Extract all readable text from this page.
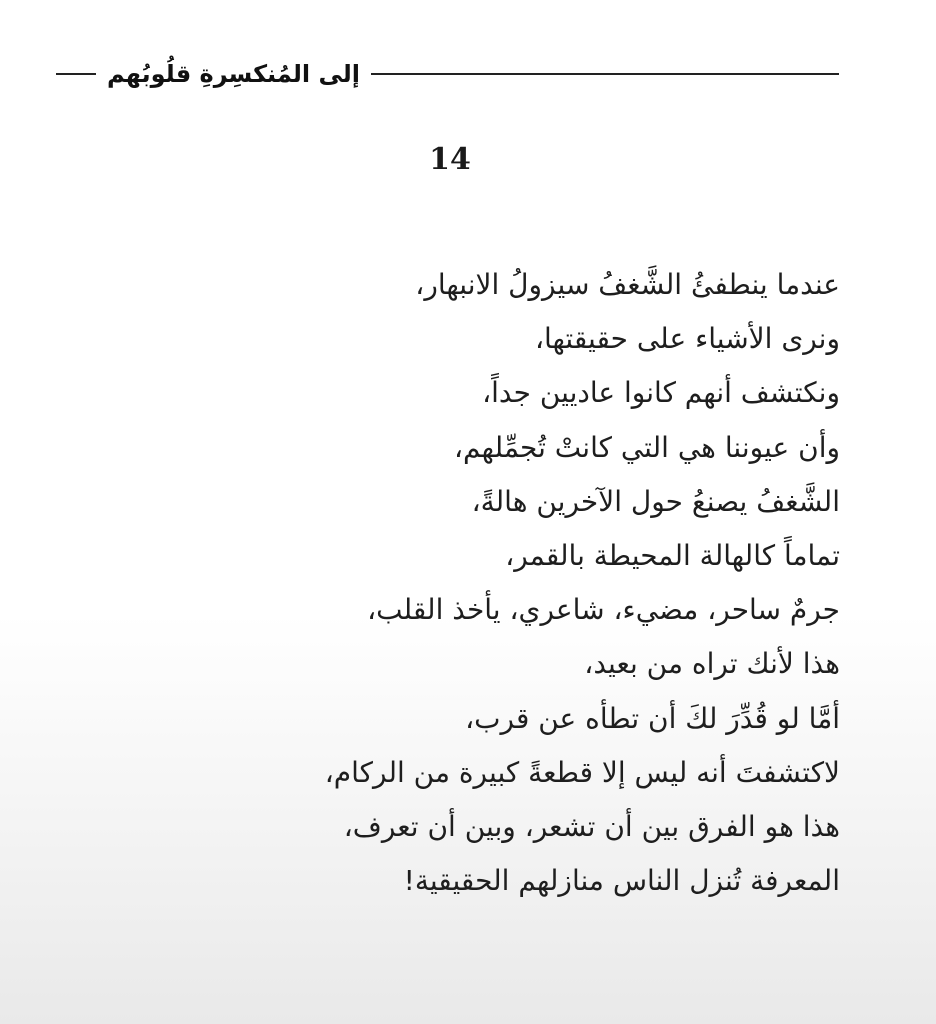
إلى المُنكسِرةِ قلُوبُهم
14
عندما ينطفئُ الشَّغفُ سيزولُ الانبهار،
ونرى الأشياء على حقيقتها،
ونكتشف أنهم كانوا عاديين جداً،
وأن عيوننا هي التي كانتْ تُجمِّلهم،
الشَّغفُ يصنعُ حول الآخرين هالةً،
تماماً كالهالة المحيطة بالقمر،
جرمٌ ساحر، مضيء، شاعري، يأخذ القلب،
هذا لأنك تراه من بعيد،
أمَّا لو قُدِّرَ لكَ أن تطأه عن قرب،
لاكتشفتَ أنه ليس إلا قطعةً كبيرة من الركام،
هذا هو الفرق بين أن تشعر، وبين أن تعرف،
المعرفة تُنزل الناس منازلهم الحقيقية!
